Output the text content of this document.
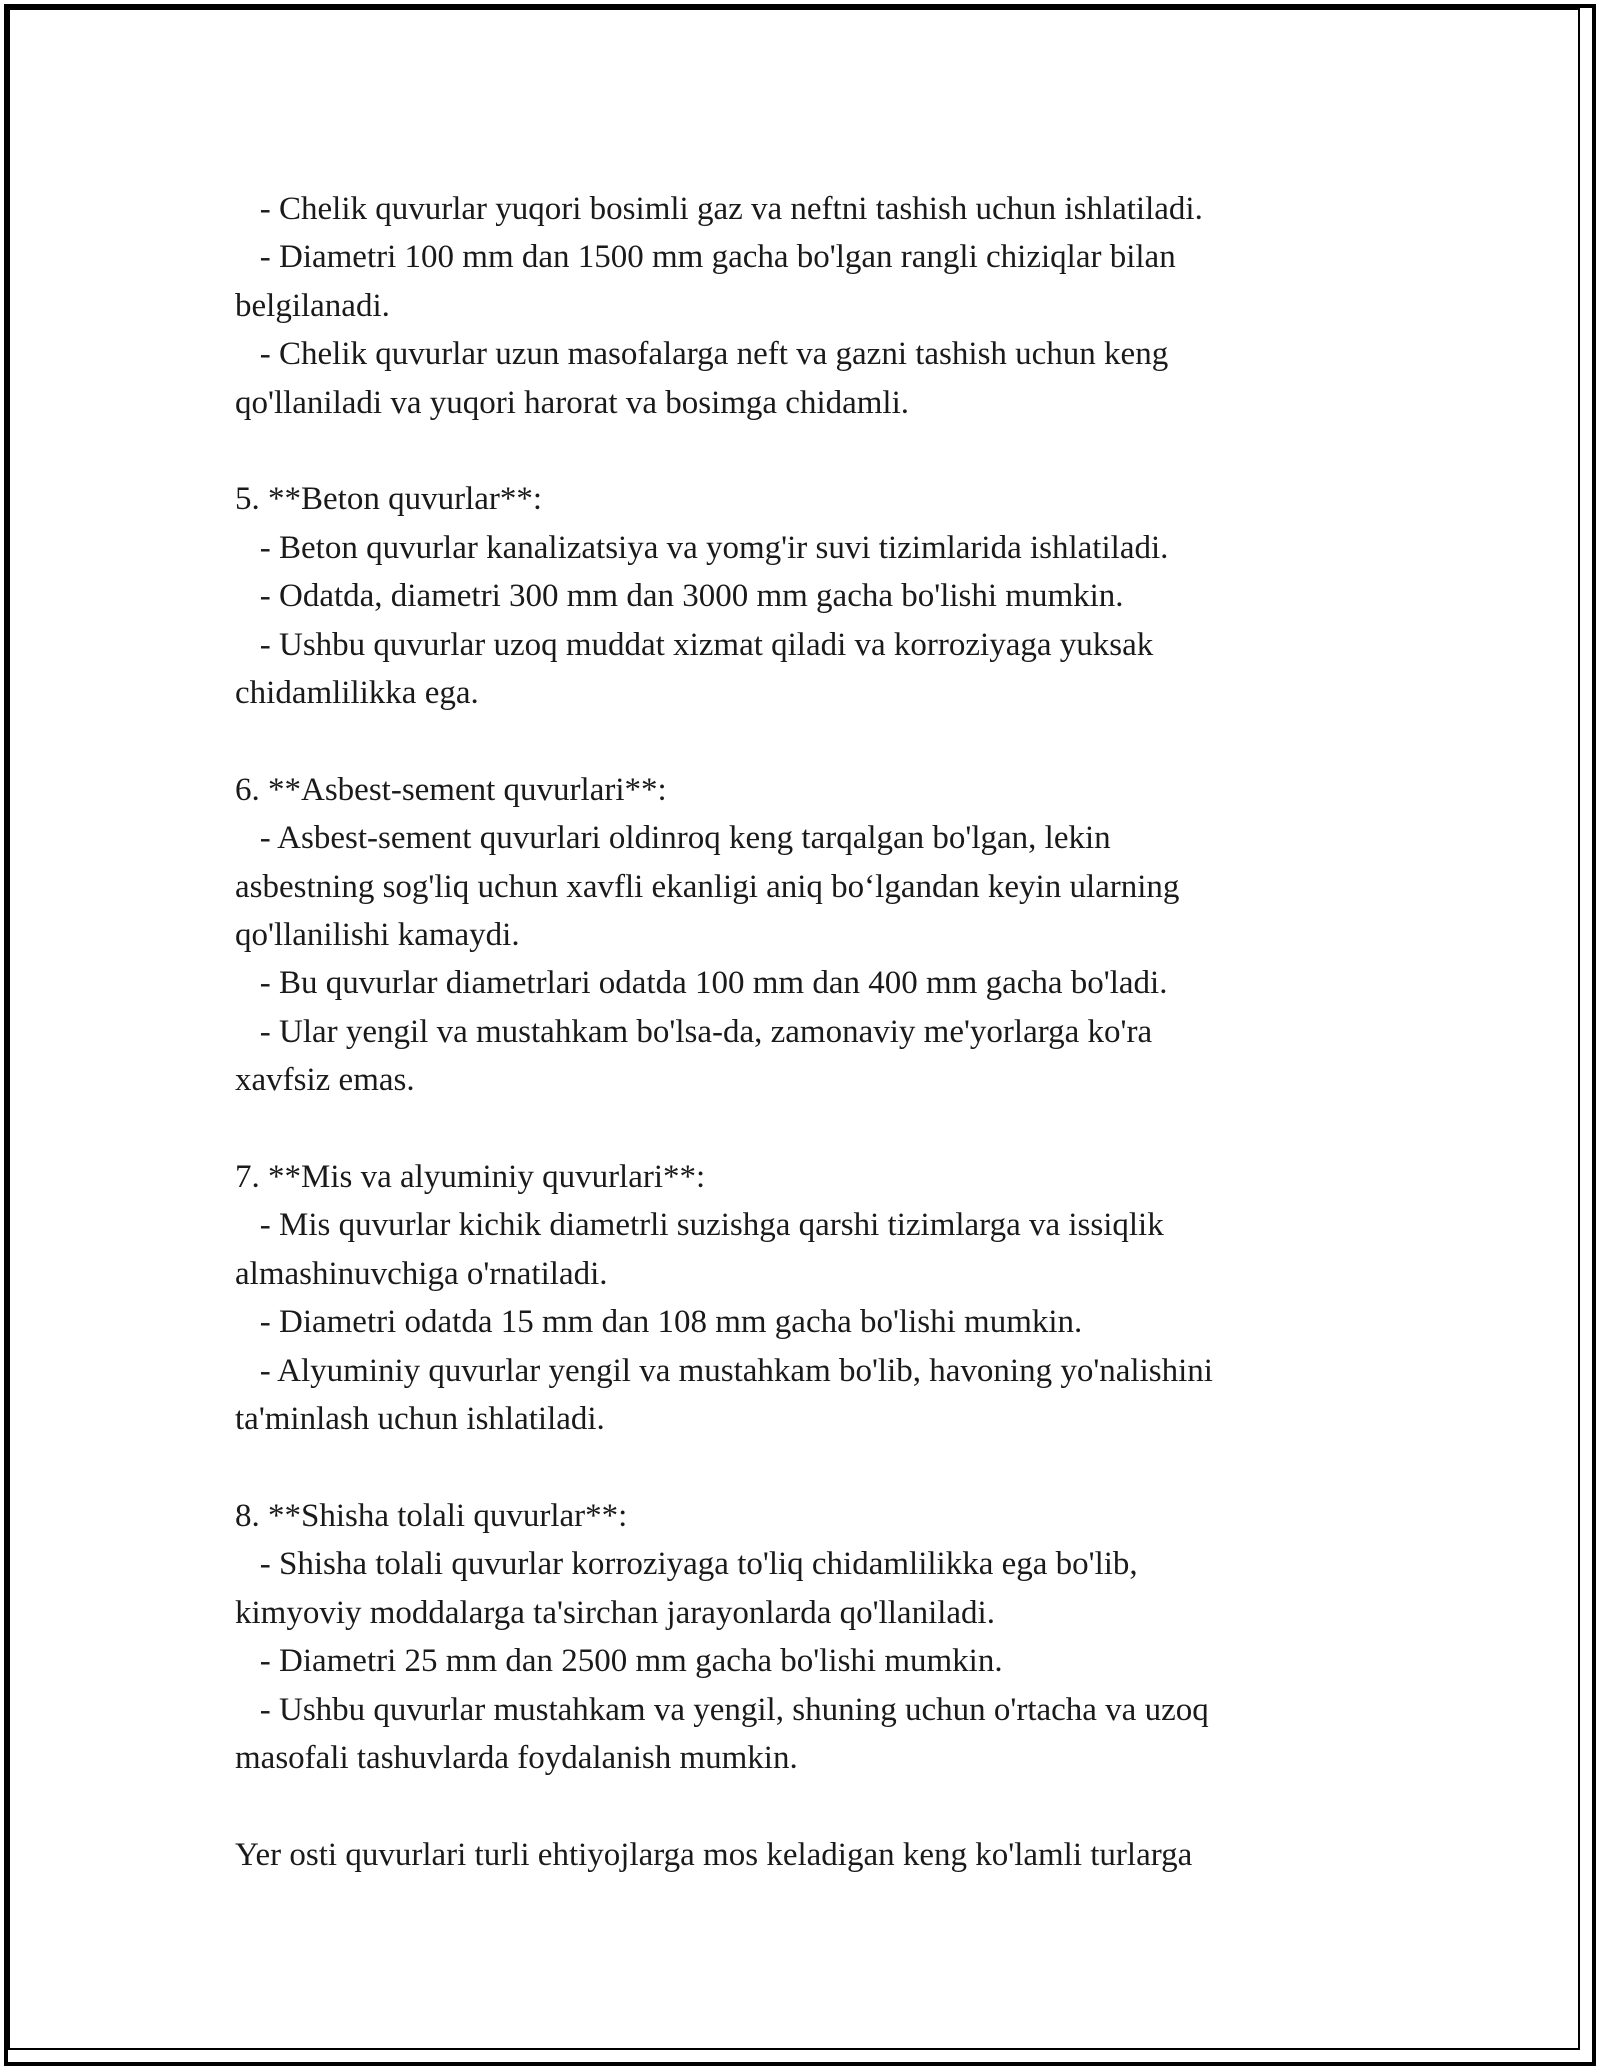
- Chelik quvurlar yuqori bosimli gaz va neftni tashish uchun ishlatiladi.
- Diametri 100 mm dan 1500 mm gacha bo'lgan rangli chiziqlar bilan
belgilanadi.
- Chelik quvurlar uzun masofalarga neft va gazni tashish uchun keng
qo'llaniladi va yuqori harorat va bosimga chidamli.
5. **Beton quvurlar**:
- Beton quvurlar kanalizatsiya va yomg'ir suvi tizimlarida ishlatiladi.
- Odatda, diametri 300 mm dan 3000 mm gacha bo'lishi mumkin.
- Ushbu quvurlar uzoq muddat xizmat qiladi va korroziyaga yuksak
chidamlilikka ega.
6. **Asbest-sement quvurlari**:
- Asbest-sement quvurlari oldinroq keng tarqalgan bo'lgan, lekin
asbestning sog'liq uchun xavfli ekanligi aniq bo‘lgandan keyin ularning
qo'llanilishi kamaydi.
- Bu quvurlar diametrlari odatda 100 mm dan 400 mm gacha bo'ladi.
- Ular yengil va mustahkam bo'lsa-da, zamonaviy me'yorlarga ko'ra
xavfsiz emas.
7. **Mis va alyuminiy quvurlari**:
- Mis quvurlar kichik diametrli suzishga qarshi tizimlarga va issiqlik
almashinuvchiga o'rnatiladi.
- Diametri odatda 15 mm dan 108 mm gacha bo'lishi mumkin.
- Alyuminiy quvurlar yengil va mustahkam bo'lib, havoning yo'nalishini
ta'minlash uchun ishlatiladi.
8. **Shisha tolali quvurlar**:
- Shisha tolali quvurlar korroziyaga to'liq chidamlilikka ega bo'lib,
kimyoviy moddalarga ta'sirchan jarayonlarda qo'llaniladi.
- Diametri 25 mm dan 2500 mm gacha bo'lishi mumkin.
- Ushbu quvurlar mustahkam va yengil, shuning uchun o'rtacha va uzoq
masofali tashuvlarda foydalanish mumkin.
Yer osti quvurlari turli ehtiyojlarga mos keladigan keng ko'lamli turlarga
